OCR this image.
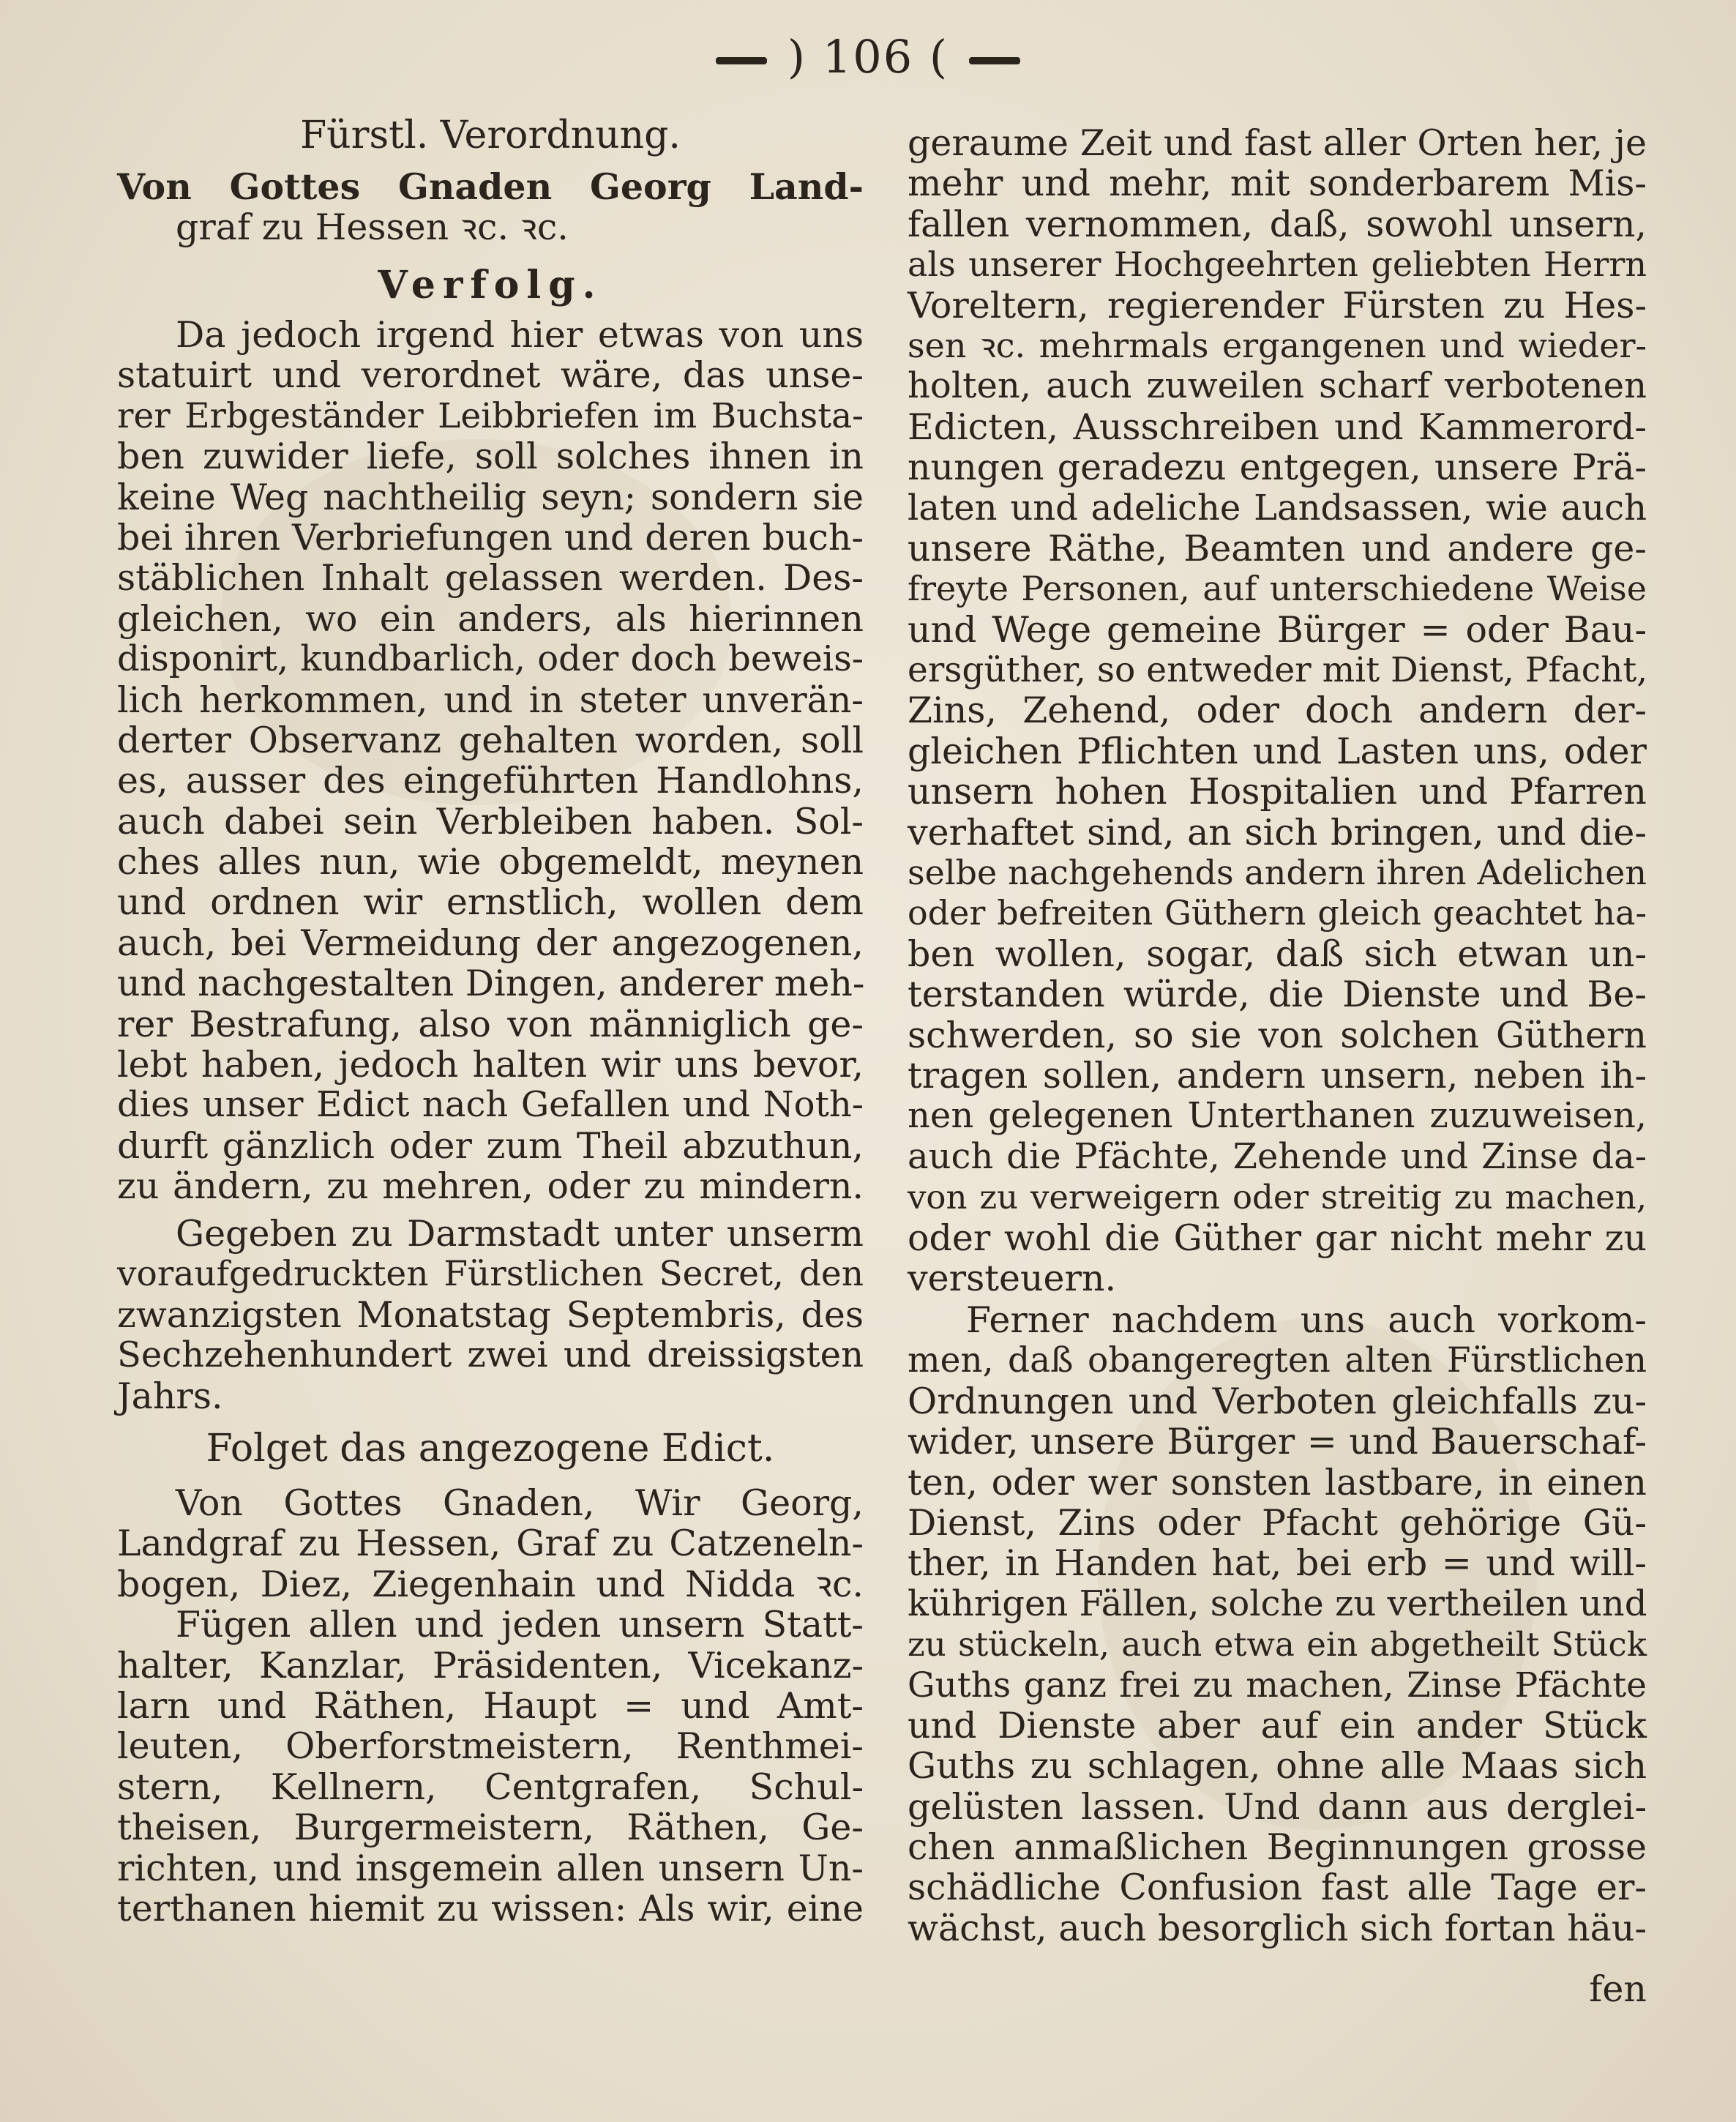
) 106 (
Fürstl. Verordnung.
Von Gottes Gnaden Georg Land-
graf zu Hessen ꝛc. ꝛc.
Verfolg.
Da jedoch irgend hier etwas von uns
statuirt und verordnet wäre, das unse-
rer Erbgeständer Leibbriefen im Buchsta-
ben zuwider liefe, soll solches ihnen in
keine Weg nachtheilig seyn; sondern sie
bei ihren Verbriefungen und deren buch-
stäblichen Inhalt gelassen werden. Des-
gleichen, wo ein anders, als hierinnen
disponirt, kundbarlich, oder doch beweis-
lich herkommen, und in steter unverän-
derter Observanz gehalten worden, soll
es, ausser des eingeführten Handlohns,
auch dabei sein Verbleiben haben. Sol-
ches alles nun, wie obgemeldt, meynen
und ordnen wir ernstlich, wollen dem
auch, bei Vermeidung der angezogenen,
und nachgestalten Dingen, anderer meh-
rer Bestrafung, also von männiglich ge-
lebt haben, jedoch halten wir uns bevor,
dies unser Edict nach Gefallen und Noth-
durft gänzlich oder zum Theil abzuthun,
zu ändern, zu mehren, oder zu mindern.
Gegeben zu Darmstadt unter unserm
voraufgedruckten Fürstlichen Secret, den
zwanzigsten Monatstag Septembris, des
Sechzehenhundert zwei und dreissigsten
Jahrs.
Folget das angezogene Edict.
Von Gottes Gnaden, Wir Georg,
Landgraf zu Hessen, Graf zu Catzeneln-
bogen, Diez, Ziegenhain und Nidda ꝛc.
Fügen allen und jeden unsern Statt-
halter, Kanzlar, Präsidenten, Vicekanz-
larn und Räthen, Haupt = und Amt-
leuten, Oberforstmeistern, Renthmei-
stern, Kellnern, Centgrafen, Schul-
theisen, Burgermeistern, Räthen, Ge-
richten, und insgemein allen unsern Un-
terthanen hiemit zu wissen: Als wir, eine
geraume Zeit und fast aller Orten her, je
mehr und mehr, mit sonderbarem Mis-
fallen vernommen, daß, sowohl unsern,
als unserer Hochgeehrten geliebten Herrn
Voreltern, regierender Fürsten zu Hes-
sen ꝛc. mehrmals ergangenen und wieder-
holten, auch zuweilen scharf verbotenen
Edicten, Ausschreiben und Kammerord-
nungen geradezu entgegen, unsere Prä-
laten und adeliche Landsassen, wie auch
unsere Räthe, Beamten und andere ge-
freyte Personen, auf unterschiedene Weise
und Wege gemeine Bürger = oder Bau-
ersgüther, so entweder mit Dienst, Pfacht,
Zins, Zehend, oder doch andern der-
gleichen Pflichten und Lasten uns, oder
unsern hohen Hospitalien und Pfarren
verhaftet sind, an sich bringen, und die-
selbe nachgehends andern ihren Adelichen
oder befreiten Güthern gleich geachtet ha-
ben wollen, sogar, daß sich etwan un-
terstanden würde, die Dienste und Be-
schwerden, so sie von solchen Güthern
tragen sollen, andern unsern, neben ih-
nen gelegenen Unterthanen zuzuweisen,
auch die Pfächte, Zehende und Zinse da-
von zu verweigern oder streitig zu machen,
oder wohl die Güther gar nicht mehr zu
versteuern.
Ferner nachdem uns auch vorkom-
men, daß obangeregten alten Fürstlichen
Ordnungen und Verboten gleichfalls zu-
wider, unsere Bürger = und Bauerschaf-
ten, oder wer sonsten lastbare, in einen
Dienst, Zins oder Pfacht gehörige Gü-
ther, in Handen hat, bei erb = und will-
kührigen Fällen, solche zu vertheilen und
zu stückeln, auch etwa ein abgetheilt Stück
Guths ganz frei zu machen, Zinse Pfächte
und Dienste aber auf ein ander Stück
Guths zu schlagen, ohne alle Maas sich
gelüsten lassen. Und dann aus derglei-
chen anmaßlichen Beginnungen grosse
schädliche Confusion fast alle Tage er-
wächst, auch besorglich sich fortan häu-
fen
